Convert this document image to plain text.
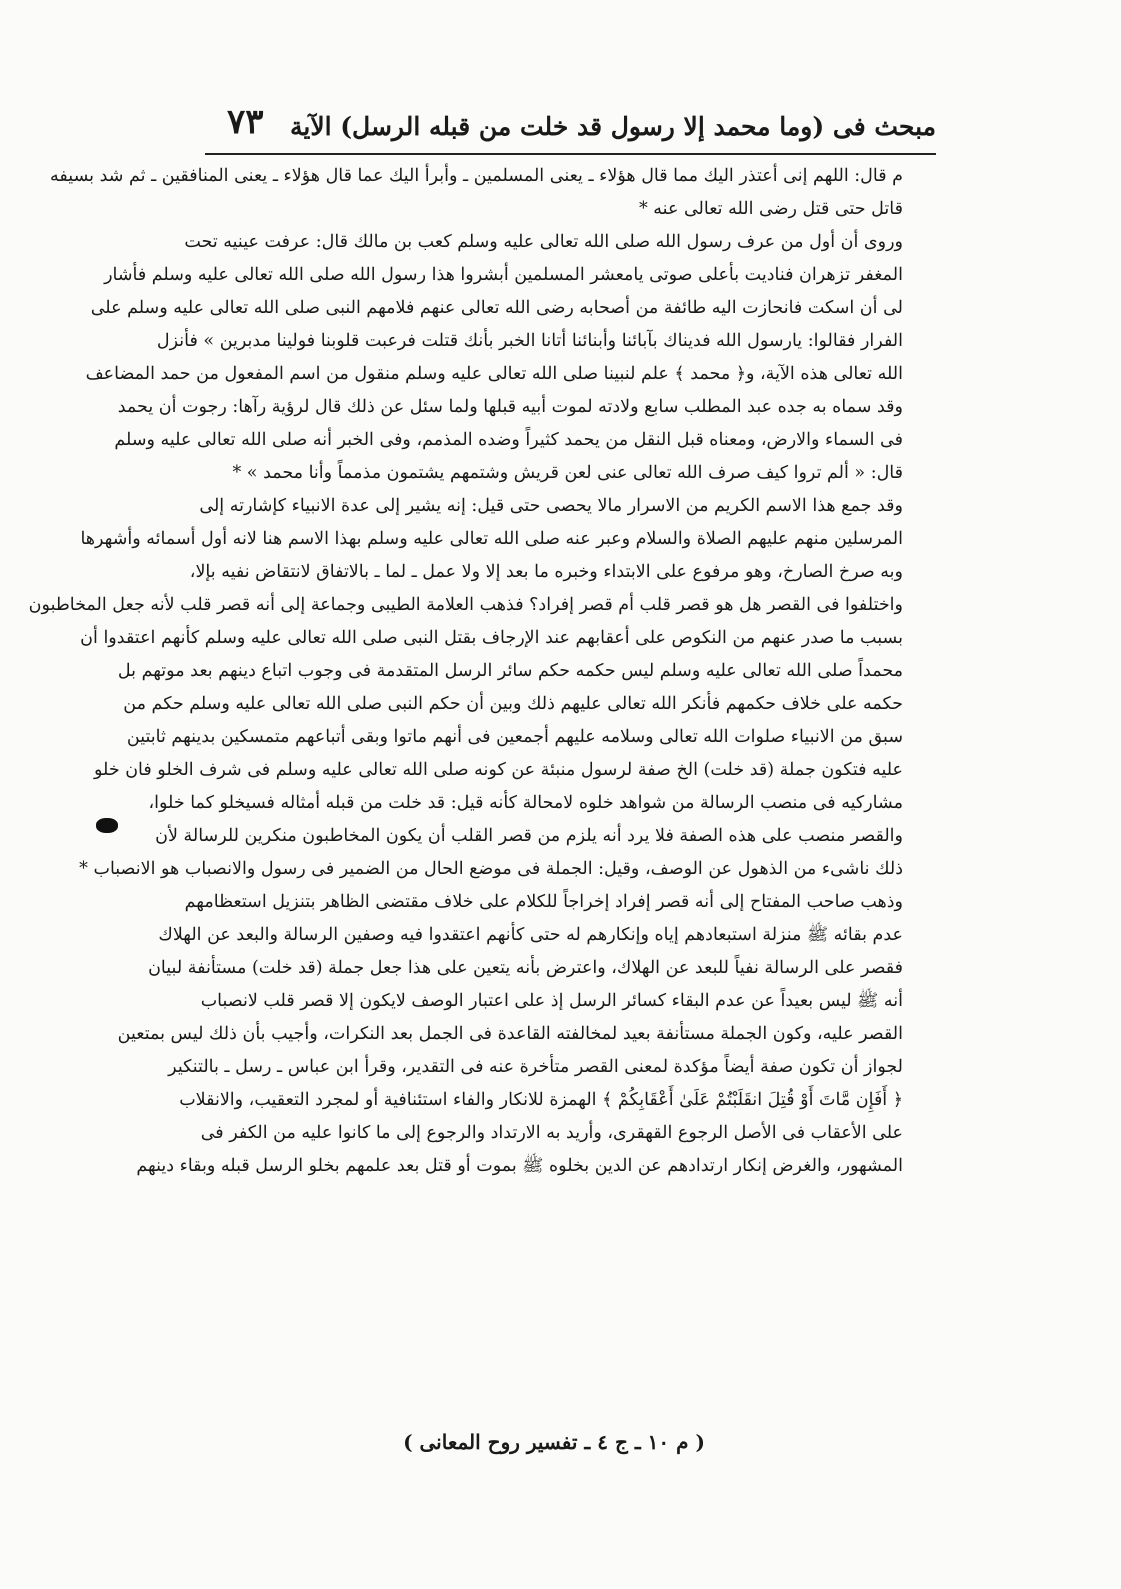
مبحث فى (وما محمد إلا رسول قد خلت من قبله الرسل) الآية
٧٣
م قال: اللهم إنى أعتذر اليك مما قال هؤلاء ـ يعنى المسلمين ـ وأبرأ اليك عما قال هؤلاء ـ يعنى المنافقين ـ ثم شد بسيفه
قاتل حتى قتل رضى الله تعالى عنه *
وروى أن أول من عرف رسول الله صلى الله تعالى عليه وسلم كعب بن مالك قال: عرفت عينيه تحت
المغفر تزهران فناديت بأعلى صوتى يامعشر المسلمين أبشروا هذا رسول الله صلى الله تعالى عليه وسلم فأشار
لى أن اسكت فانحازت اليه طائفة من أصحابه رضى الله تعالى عنهم فلامهم النبى صلى الله تعالى عليه وسلم على
الفرار فقالوا: يارسول الله فديناك بآبائنا وأبنائنا أتانا الخبر بأنك قتلت فرعبت قلوبنا فولينا مدبرين » فأنزل
الله تعالى هذه الآية، و﴿ محمد ﴾ علم لنبينا صلى الله تعالى عليه وسلم منقول من اسم المفعول من حمد المضاعف
وقد سماه به جده عبد المطلب سابع ولادته لموت أبيه قبلها ولما سئل عن ذلك قال لرؤية رآها: رجوت أن يحمد
فى السماء والارض، ومعناه قبل النقل من يحمد كثيراً وضده المذمم، وفى الخبر أنه صلى الله تعالى عليه وسلم
قال: « ألم تروا كيف صرف الله تعالى عنى لعن قريش وشتمهم يشتمون مذمماً وأنا محمد » *
وقد جمع هذا الاسم الكريم من الاسرار مالا يحصى حتى قيل: إنه يشير إلى عدة الانبياء كإشارته إلى
المرسلين منهم عليهم الصلاة والسلام وعبر عنه صلى الله تعالى عليه وسلم بهذا الاسم هنا لانه أول أسمائه وأشهرها
وبه صرخ الصارخ، وهو مرفوع على الابتداء وخبره ما بعد إلا ولا عمل ـ لما ـ بالاتفاق لانتقاض نفيه بإلا،
واختلفوا فى القصر هل هو قصر قلب أم قصر إفراد؟ فذهب العلامة الطيبى وجماعة إلى أنه قصر قلب لأنه جعل المخاطبون
بسبب ما صدر عنهم من النكوص على أعقابهم عند الإرجاف بقتل النبى صلى الله تعالى عليه وسلم كأنهم اعتقدوا أن
محمداً صلى الله تعالى عليه وسلم ليس حكمه حكم سائر الرسل المتقدمة فى وجوب اتباع دينهم بعد موتهم بل
حكمه على خلاف حكمهم فأنكر الله تعالى عليهم ذلك وبين أن حكم النبى صلى الله تعالى عليه وسلم حكم من
سبق من الانبياء صلوات الله تعالى وسلامه عليهم أجمعين فى أنهم ماتوا وبقى أتباعهم متمسكين بدينهم ثابتين
عليه فتكون جملة (قد خلت) الخ صفة لرسول منبئة عن كونه صلى الله تعالى عليه وسلم فى شرف الخلو فان خلو
مشاركيه فى منصب الرسالة من شواهد خلوه لامحالة كأنه قيل: قد خلت من قبله أمثاله فسيخلو كما خلوا،
والقصر منصب على هذه الصفة فلا يرد أنه يلزم من قصر القلب أن يكون المخاطبون منكرين للرسالة لأن
ذلك ناشىء من الذهول عن الوصف، وقيل: الجملة فى موضع الحال من الضمير فى رسول والانصباب هو الانصباب *
وذهب صاحب المفتاح إلى أنه قصر إفراد إخراجاً للكلام على خلاف مقتضى الظاهر بتنزيل استعظامهم
عدم بقائه ﷺ منزلة استبعادهم إياه وإنكارهم له حتى كأنهم اعتقدوا فيه وصفين الرسالة والبعد عن الهلاك
فقصر على الرسالة نفياً للبعد عن الهلاك، واعترض بأنه يتعين على هذا جعل جملة (قد خلت) مستأنفة لبيان
أنه ﷺ ليس بعيداً عن عدم البقاء كسائر الرسل إذ على اعتبار الوصف لايكون إلا قصر قلب لانصباب
القصر عليه، وكون الجملة مستأنفة بعيد لمخالفته القاعدة فى الجمل بعد النكرات، وأجيب بأن ذلك ليس بمتعين
لجواز أن تكون صفة أيضاً مؤكدة لمعنى القصر متأخرة عنه فى التقدير، وقرأ ابن عباس ـ رسل ـ بالتنكير
﴿ أَفَإِن مَّاتَ أَوْ قُتِلَ انقَلَبْتُمْ عَلَىٰ أَعْقَابِكُمْ ﴾ الهمزة للانكار والفاء استئنافية أو لمجرد التعقيب، والانقلاب
على الأعقاب فى الأصل الرجوع القهقرى، وأريد به الارتداد والرجوع إلى ما كانوا عليه من الكفر فى
المشهور، والغرض إنكار ارتدادهم عن الدين بخلوه ﷺ بموت أو قتل بعد علمهم بخلو الرسل قبله وبقاء دينهم
( م ١٠ ـ ج ٤ ـ تفسير روح المعانى )
